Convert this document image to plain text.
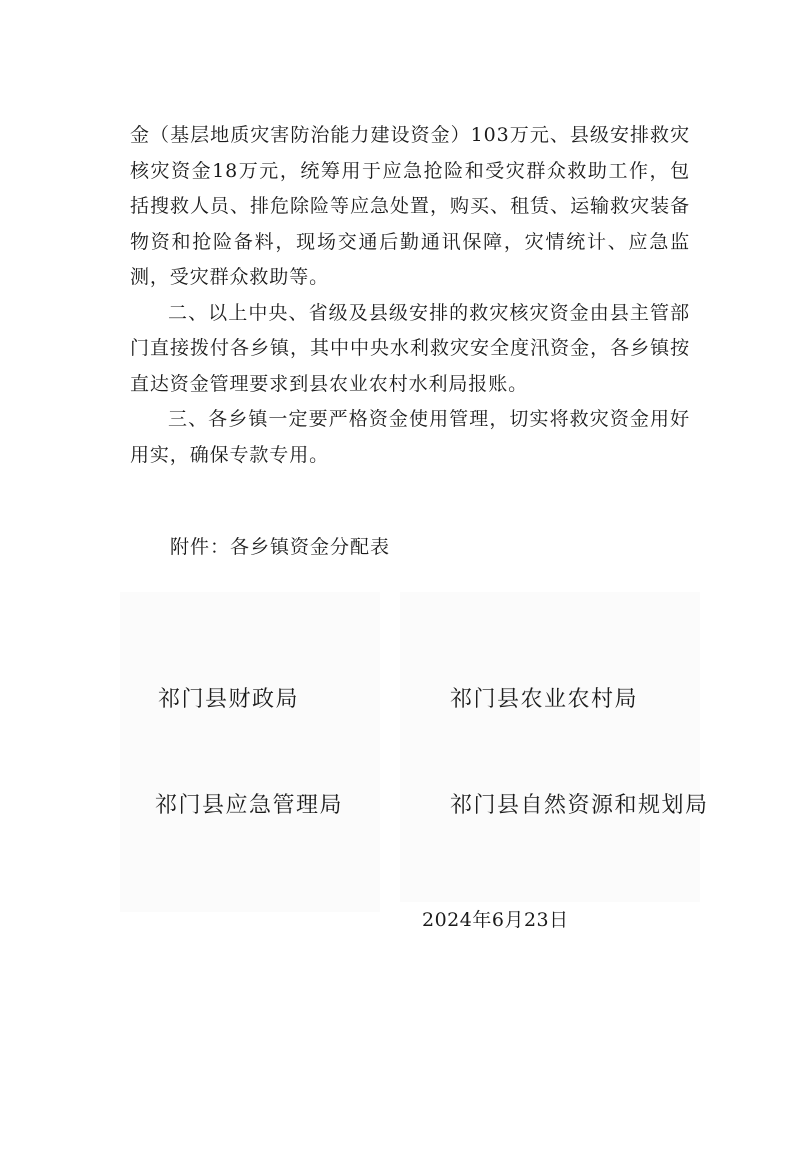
金（基层地质灾害防治能力建设资金）103万元、县级安排救灾核灾资金18万元，统筹用于应急抢险和受灾群众救助工作，包括搜救人员、排危除险等应急处置，购买、租赁、运输救灾装备物资和抢险备料，现场交通后勤通讯保障，灾情统计、应急监测，受灾群众救助等。

二、以上中央、省级及县级安排的救灾核灾资金由县主管部门直接拨付各乡镇，其中中央水利救灾安全度汛资金，各乡镇按直达资金管理要求到县农业农村水利局报账。

三、各乡镇一定要严格资金使用管理，切实将救灾资金用好用实，确保专款专用。

附件：各乡镇资金分配表
祁门县财政局	祁门县农业农村局
祁门县应急管理局	祁门县自然资源和规划局
2024年6月23日
